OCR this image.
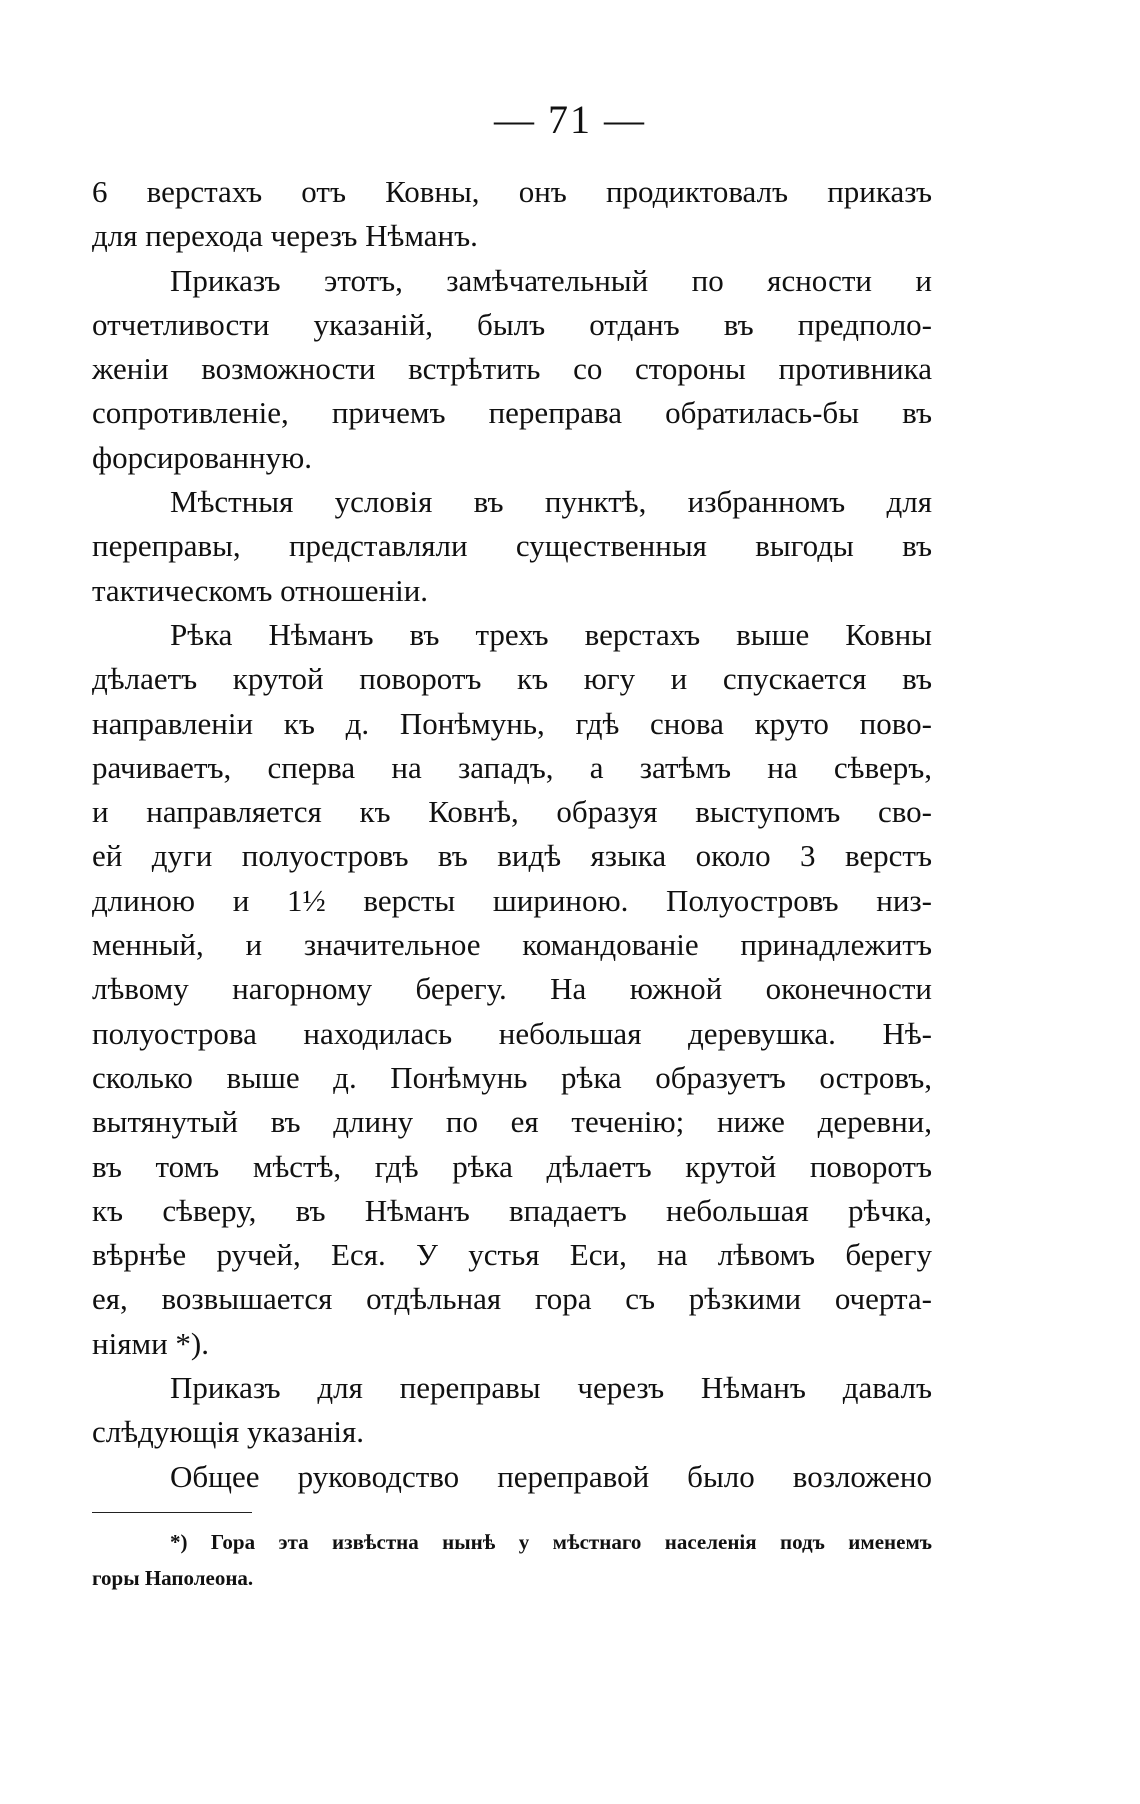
— 71 —
6 верстахъ отъ Ковны, онъ продиктовалъ приказъ
для перехода черезъ Нѣманъ.
Приказъ этотъ, замѣчательный по ясности и
отчетливости указаній, былъ отданъ въ предполо-
женіи возможности встрѣтить со стороны противника
сопротивленіе, причемъ переправа обратилась-бы въ
форсированную.
Мѣстныя условія въ пунктѣ, избранномъ для
переправы, представляли существенныя выгоды въ
тактическомъ отношеніи.
Рѣка Нѣманъ въ трехъ верстахъ выше Ковны
дѣлаетъ крутой поворотъ къ югу и спускается въ
направленіи къ д. Понѣмунь, гдѣ снова круто пово-
рачиваетъ, сперва на западъ, а затѣмъ на сѣверъ,
и направляется къ Ковнѣ, образуя выступомъ сво-
ей дуги полуостровъ въ видѣ языка около 3 верстъ
длиною и 1½ версты шириною. Полуостровъ низ-
менный, и значительное командованіе принадлежитъ
лѣвому нагорному берегу. На южной оконечности
полуострова находилась небольшая деревушка. Нѣ-
сколько выше д. Понѣмунь рѣка образуетъ островъ,
вытянутый въ длину по ея теченію; ниже деревни,
въ томъ мѣстѣ, гдѣ рѣка дѣлаетъ крутой поворотъ
къ сѣверу, въ Нѣманъ впадаетъ небольшая рѣчка,
вѣрнѣе ручей, Еся. У устья Еси, на лѣвомъ берегу
ея, возвышается отдѣльная гора съ рѣзкими очерта-
ніями *).
Приказъ для переправы черезъ Нѣманъ давалъ
слѣдующія указанія.
Общее руководство переправой было возложено
*) Гора эта извѣстна нынѣ у мѣстнаго населенія подъ именемъ
горы Наполеона.
